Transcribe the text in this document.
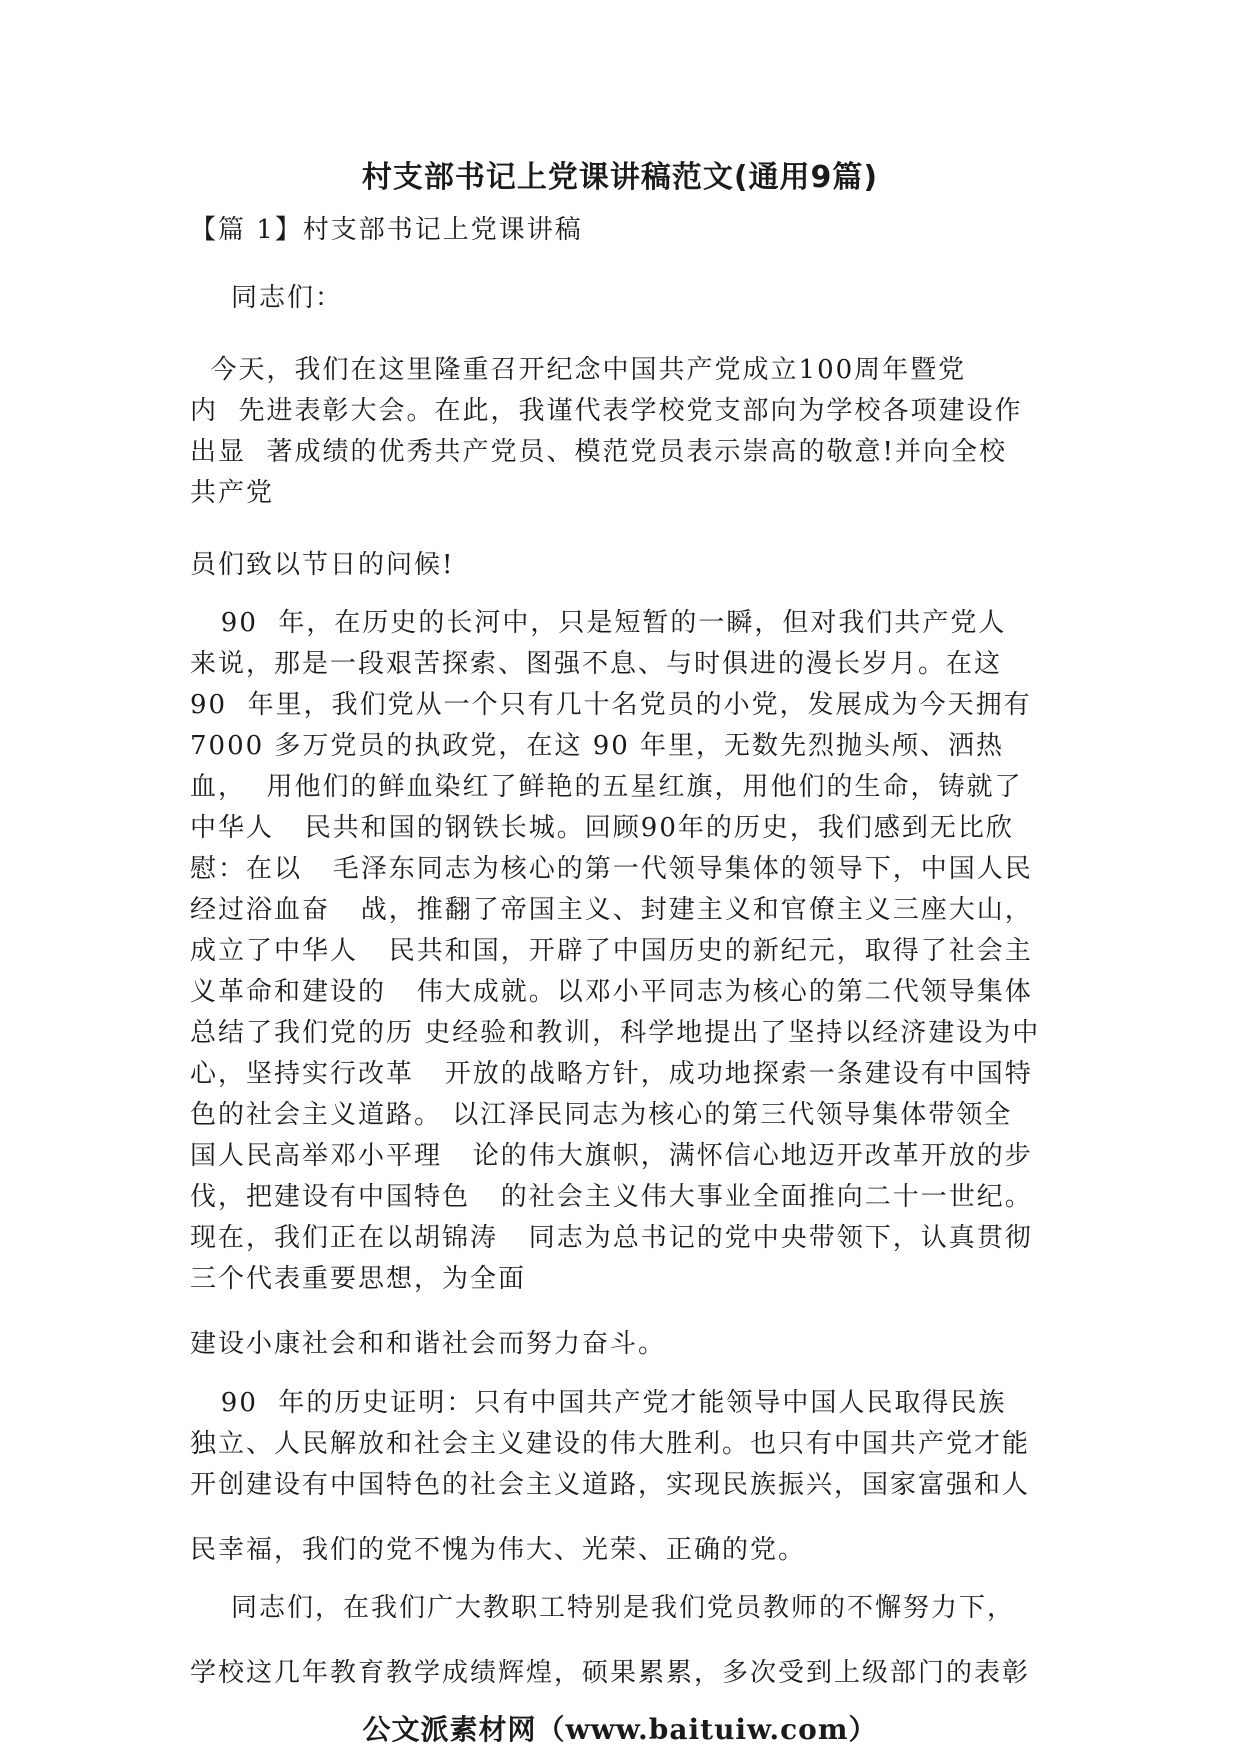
村支部书记上党课讲稿范文(通用9篇)

【篇 1】村支部书记上党课讲稿

同志们：

今天，我们在这里隆重召开纪念中国共产党成立100周年暨党

内  先进表彰大会。在此，我谨代表学校党支部向为学校各项建设作

出显  著成绩的优秀共产党员、模范党员表示崇高的敬意!并向全校

共产党

员们致以节日的问候!

90  年，在历史的长河中，只是短暂的一瞬，但对我们共产党人

来说，那是一段艰苦探索、图强不息、与时俱进的漫长岁月。在这

90  年里，我们党从一个只有几十名党员的小党，发展成为今天拥有

7000 多万党员的执政党，在这 90 年里，无数先烈抛头颅、洒热

血，  用他们的鲜血染红了鲜艳的五星红旗，用他们的生命，铸就了

中华人   民共和国的钢铁长城。回顾90年的历史，我们感到无比欣

慰：在以   毛泽东同志为核心的第一代领导集体的领导下，中国人民

经过浴血奋   战，推翻了帝国主义、封建主义和官僚主义三座大山，

成立了中华人   民共和国，开辟了中国历史的新纪元，取得了社会主

义革命和建设的   伟大成就。以邓小平同志为核心的第二代领导集体

总结了我们党的历 史经验和教训，科学地提出了坚持以经济建设为中

心，坚持实行改革   开放的战略方针，成功地探索一条建设有中国特

色的社会主义道路。 以江泽民同志为核心的第三代领导集体带领全

国人民高举邓小平理   论的伟大旗帜，满怀信心地迈开改革开放的步

伐，把建设有中国特色   的社会主义伟大事业全面推向二十一世纪。

现在，我们正在以胡锦涛   同志为总书记的党中央带领下，认真贯彻

三个代表重要思想，为全面

建设小康社会和和谐社会而努力奋斗。

90  年的历史证明：只有中国共产党才能领导中国人民取得民族

独立、人民解放和社会主义建设的伟大胜利。也只有中国共产党才能

开创建设有中国特色的社会主义道路，实现民族振兴，国家富强和人

民幸福，我们的党不愧为伟大、光荣、正确的党。

同志们，在我们广大教职工特别是我们党员教师的不懈努力下，

学校这几年教育教学成绩辉煌，硕果累累，多次受到上级部门的表彰

公文派素材网（www.baituiw.com）
